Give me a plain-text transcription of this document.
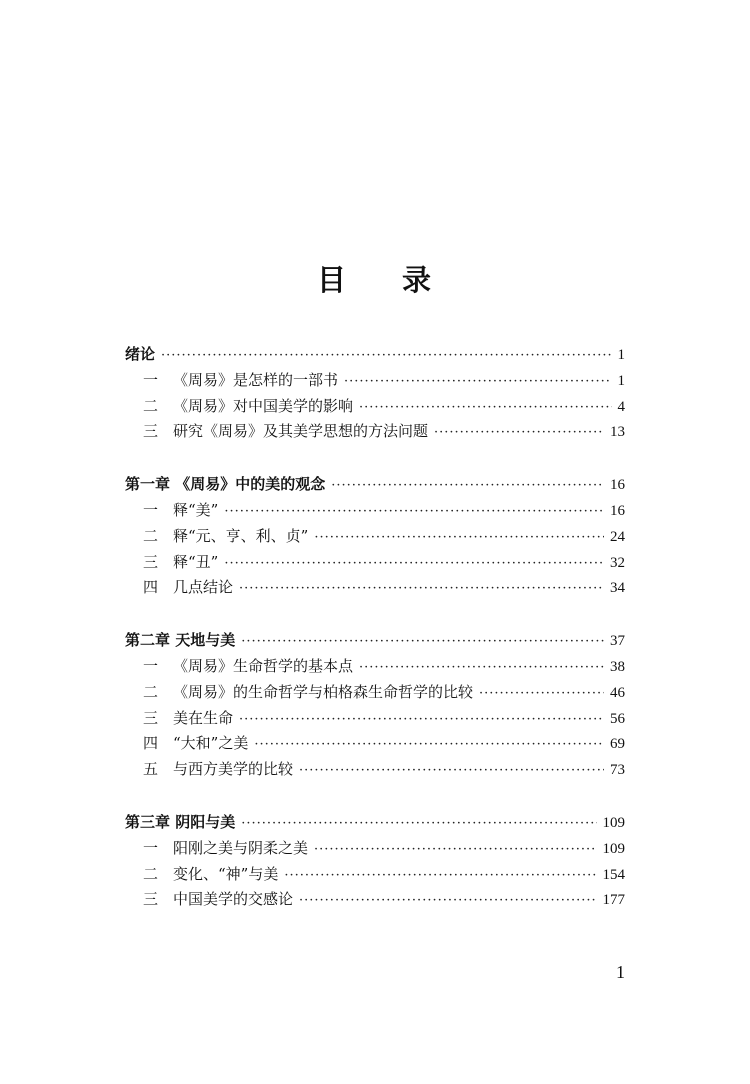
目 录
绪论 ·····	1
一 《周易》是怎样的一部书 ·····	1
二 《周易》对中国美学的影响 ·····	4
三 研究《周易》及其美学思想的方法问题 ·····	13
第一章 《周易》中的美的观念 ·····	16
一 释“美” ·····	16
二 释“元、亨、利、贞” ·····	24
三 释“丑” ·····	32
四 几点结论 ·····	34
第二章 天地与美 ·····	37
一 《周易》生命哲学的基本点 ·····	38
二 《周易》的生命哲学与柏格森生命哲学的比较 ·····	46
三 美在生命 ·····	56
四 “大和”之美 ·····	69
五 与西方美学的比较 ·····	73
第三章 阴阳与美 ·····	109
一 阳刚之美与阴柔之美 ·····	109
二 变化、“神”与美 ·····	154
三 中国美学的交感论 ·····	177
1
